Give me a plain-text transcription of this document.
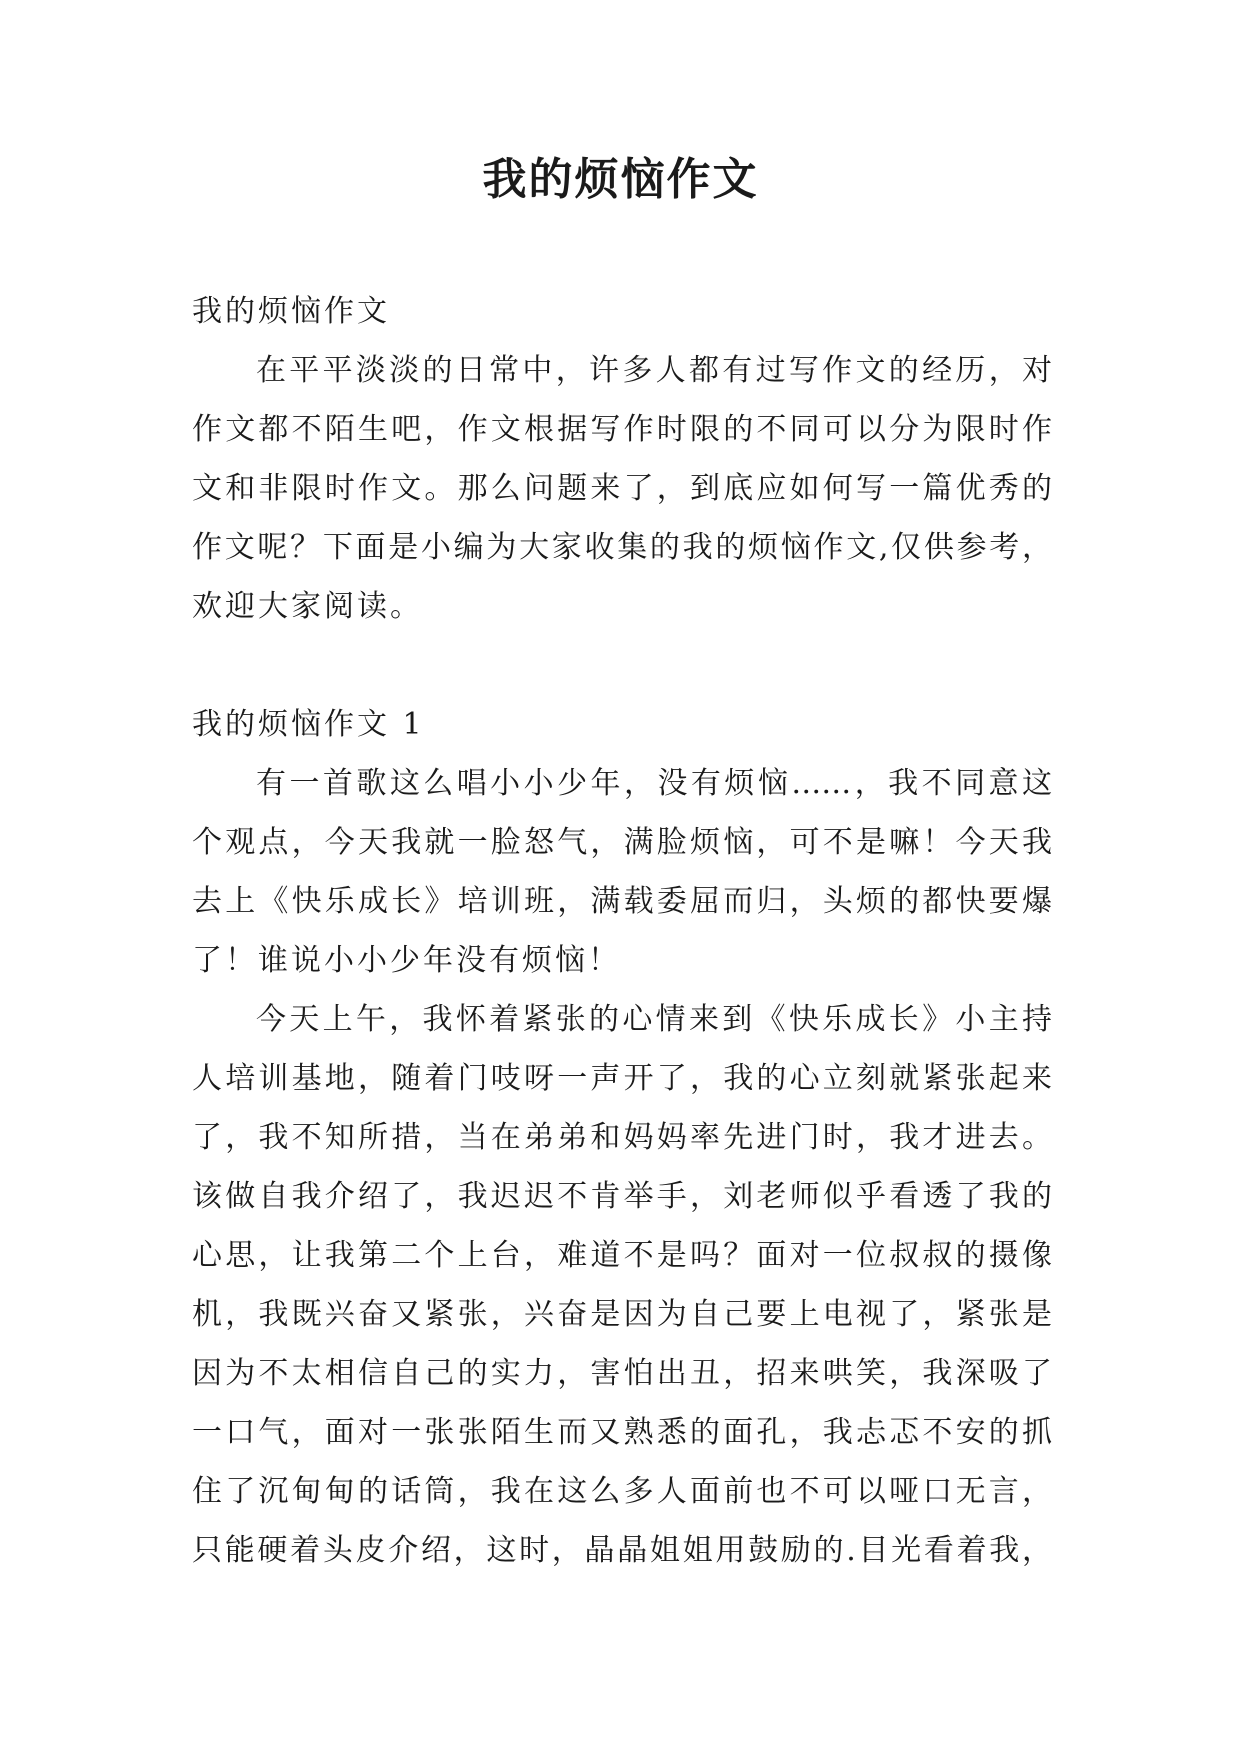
我的烦恼作文

我的烦恼作文

在平平淡淡的日常中，许多人都有过写作文的经历，对

作文都不陌生吧，作文根据写作时限的不同可以分为限时作

文和非限时作文。那么问题来了，到底应如何写一篇优秀的

作文呢？下面是小编为大家收集的我的烦恼作文,仅供参考，

欢迎大家阅读。

我的烦恼作文 1

有一首歌这么唱小小少年，没有烦恼……，我不同意这

个观点，今天我就一脸怒气，满脸烦恼，可不是嘛！今天我

去上《快乐成长》培训班，满载委屈而归，头烦的都快要爆

了！谁说小小少年没有烦恼！

今天上午，我怀着紧张的心情来到《快乐成长》小主持

人培训基地，随着门吱呀一声开了，我的心立刻就紧张起来

了，我不知所措，当在弟弟和妈妈率先进门时，我才进去。

该做自我介绍了，我迟迟不肯举手，刘老师似乎看透了我的

心思，让我第二个上台，难道不是吗？面对一位叔叔的摄像

机，我既兴奋又紧张，兴奋是因为自己要上电视了，紧张是

因为不太相信自己的实力，害怕出丑，招来哄笑，我深吸了

一口气，面对一张张陌生而又熟悉的面孔，我忐忑不安的抓

住了沉甸甸的话筒，我在这么多人面前也不可以哑口无言，

只能硬着头皮介绍，这时，晶晶姐姐用鼓励的.目光看着我，
